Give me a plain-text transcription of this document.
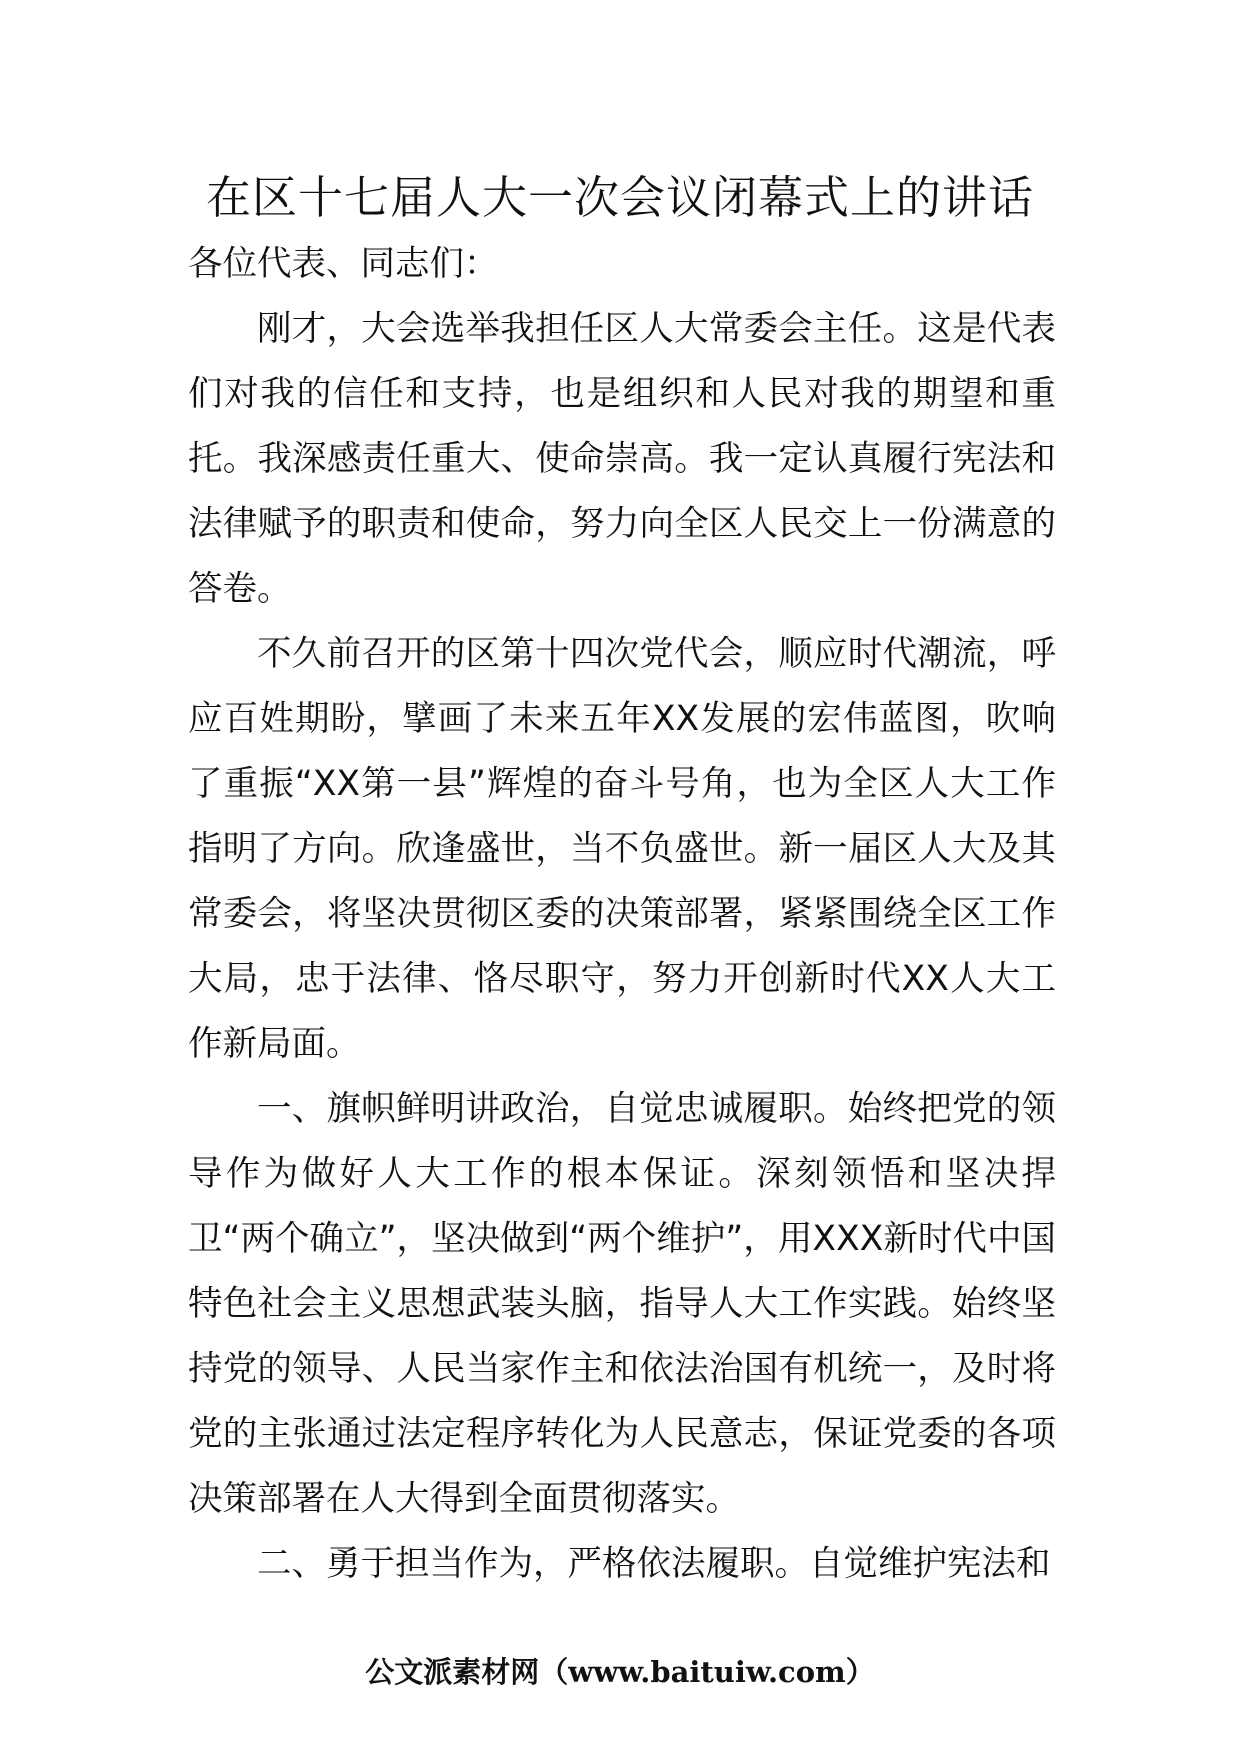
在区十七届人大一次会议闭幕式上的讲话

各位代表、同志们：

刚才，大会选举我担任区人大常委会主任。这是代表们对我的信任和支持，也是组织和人民对我的期望和重托。我深感责任重大、使命崇高。我一定认真履行宪法和法律赋予的职责和使命，努力向全区人民交上一份满意的答卷。

不久前召开的区第十四次党代会，顺应时代潮流，呼应百姓期盼，擘画了未来五年XX发展的宏伟蓝图，吹响了重振“XX第一县”辉煌的奋斗号角，也为全区人大工作指明了方向。欣逢盛世，当不负盛世。新一届区人大及其常委会，将坚决贯彻区委的决策部署，紧紧围绕全区工作大局，忠于法律、恪尽职守，努力开创新时代XX人大工作新局面。

一、旗帜鲜明讲政治，自觉忠诚履职。始终把党的领导作为做好人大工作的根本保证。深刻领悟和坚决捍卫“两个确立”，坚决做到“两个维护”，用XXX新时代中国特色社会主义思想武装头脑，指导人大工作实践。始终坚持党的领导、人民当家作主和依法治国有机统一，及时将党的主张通过法定程序转化为人民意志，保证党委的各项决策部署在人大得到全面贯彻落实。

二、勇于担当作为，严格依法履职。自觉维护宪法和

公文派素材网（www.baituiw.com）
